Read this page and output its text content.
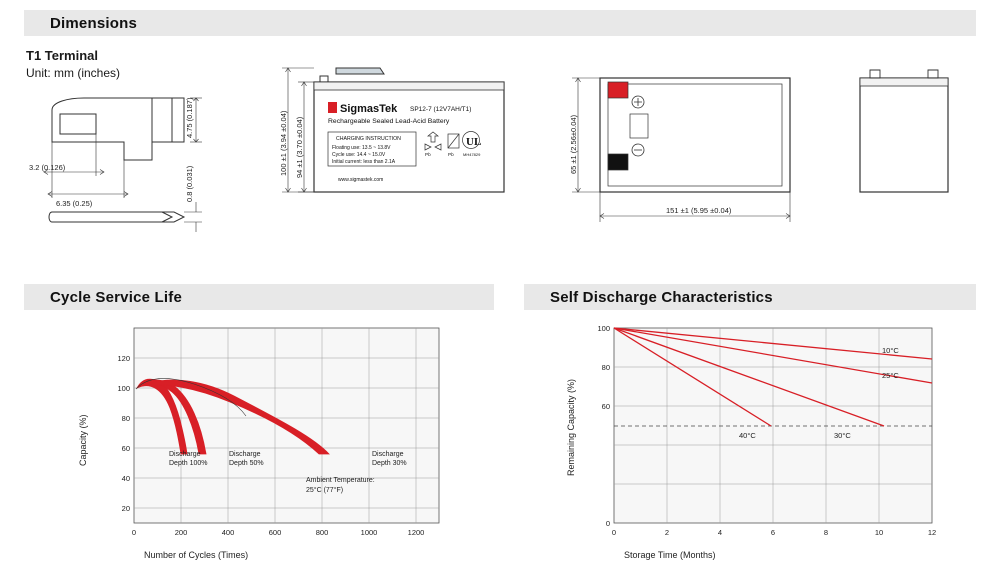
Dimensions
T1 Terminal
Unit: mm (inches)
4.75 (0.187)
3.2 (0.126)
6.35 (0.25)
0.8 (0.031)
SigmasTek SP12-7 (12V7AH/T1)
Rechargeable Sealed Lead-Acid Battery
CHARGING INSTRUCTION
Floating use: 13.5 ~ 13.8V
Cycle use: 14.4 ~ 15.0V
Initial current: less than 2.1A
Pb	Pb
UL
MH47829
www.sigmastek.com
100 ±1 (3.94 ±0.04) 94 ±1 (3.70 ±0.04)	65 ±1 (2.56±0.04)
151 ±1 (5.95 ±0.04)
Cycle Service Life
120
100
80
60
40
20
0	200	400	600	800	1000	1200
Discharge
Depth 100%
Discharge
Depth 50%
Discharge
Depth 30%
Ambient Temperature:
25°C (77°F)
Capacity (%)
Number of Cycles (Times)
Self Discharge Characteristics
100
80
60
0
0	2	4	6	8	10	12
10°C
25°C
30°C
40°C
Remaining Capacity (%)
Storage Time (Months)
